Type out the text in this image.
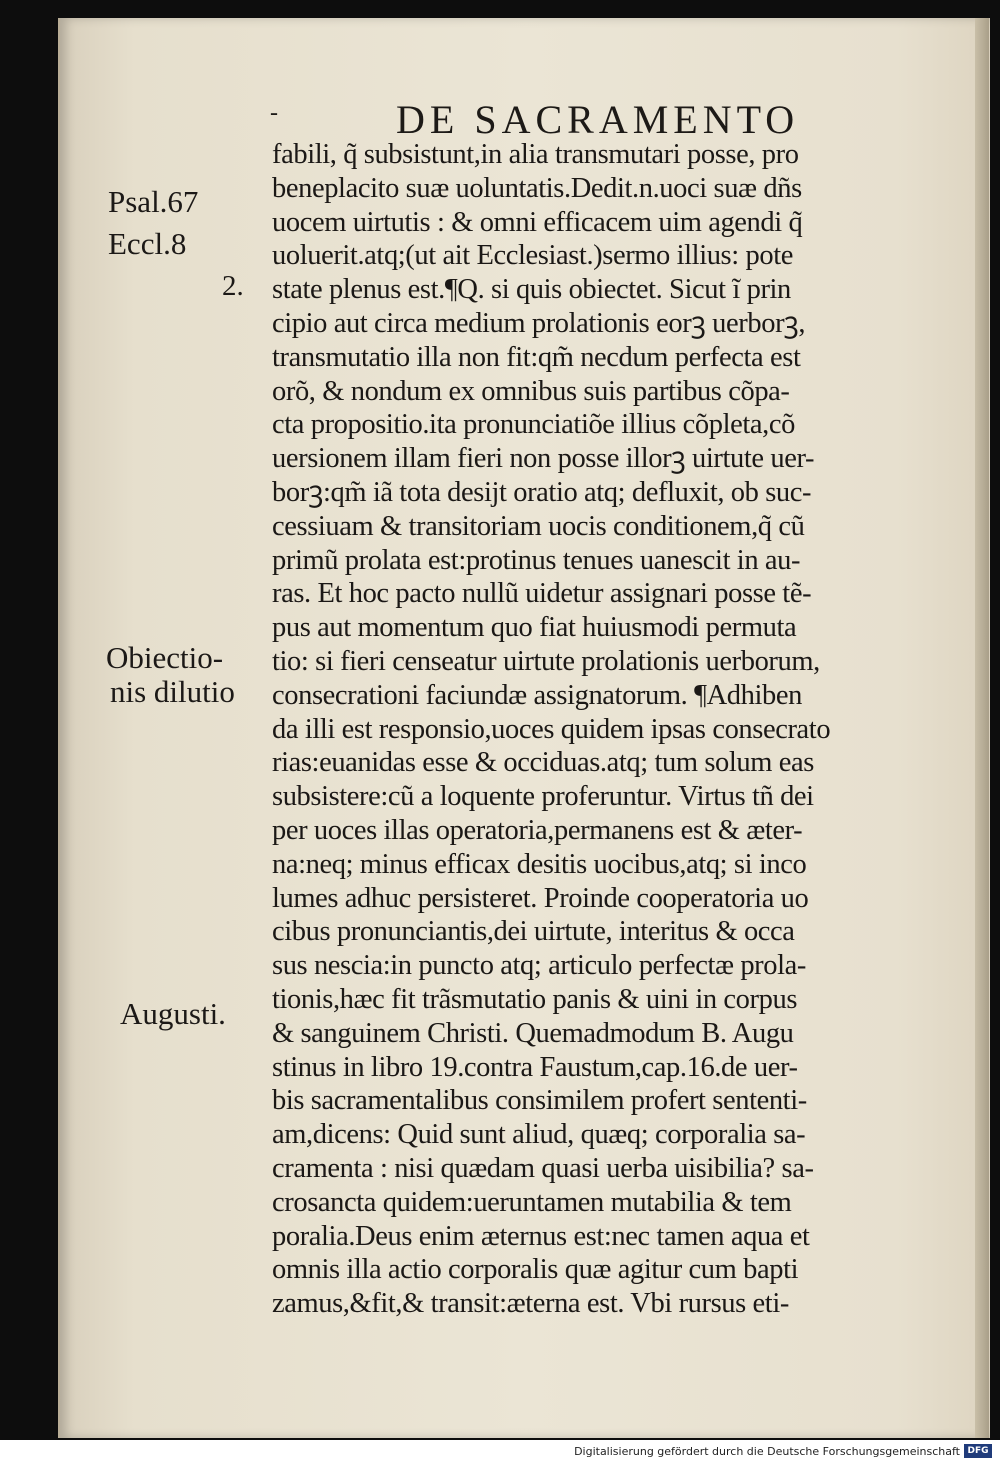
-	DE SACRAMENTO
Psal.67
Eccl.8
2.
Obiectio-
nis dilutio
Augusti.
fabili, q̃ subsistunt,in alia transmutari posse, pro
beneplacito suæ uoluntatis.Dedit.n.uoci suæ dñs
uocem uirtutis : & omni efficacem uim agendi q̃
uoluerit.atq;(ut ait Ecclesiast.)sermo illius: pote
state plenus est.¶Q. si quis obiectet. Sicut ĩ prin
cipio aut circa medium prolationis eorꝫ uerborꝫ,
transmutatio illa non fit:qm̃ necdum perfecta est
orõ, & nondum ex omnibus suis partibus cõpa-
cta propositio.ita pronunciatiõe illius cõpleta,cõ
uersionem illam fieri non posse illorꝫ uirtute uer-
borꝫ:qm̃ iã tota desijt oratio atq; defluxit, ob suc-
cessiuam & transitoriam uocis conditionem,q̃ cũ
primũ prolata est:protinus tenues uanescit in au-
ras. Et hoc pacto nullũ uidetur assignari posse tẽ-
pus aut momentum quo fiat huiusmodi permuta
tio: si fieri censeatur uirtute prolationis uerborum,
consecrationi faciundæ assignatorum. ¶Adhiben
da illi est responsio,uoces quidem ipsas consecrato
rias:euanidas esse & occiduas.atq; tum solum eas
subsistere:cũ a loquente proferuntur. Virtus tñ dei
per uoces illas operatoria,permanens est & æter-
na:neq; minus efficax desitis uocibus,atq; si inco
lumes adhuc persisteret. Proinde cooperatoria uo
cibus pronunciantis,dei uirtute, interitus & occa
sus nescia:in puncto atq; articulo perfectæ prola-
tionis,hæc fit trãsmutatio panis & uini in corpus
& sanguinem Christi. Quemadmodum B. Augu
stinus in libro 19.contra Faustum,cap.16.de uer-
bis sacramentalibus consimilem profert sententi-
am,dicens: Quid sunt aliud, quæq; corporalia sa-
cramenta : nisi quædam quasi uerba uisibilia? sa-
crosancta quidem:ueruntamen mutabilia & tem
poralia.Deus enim æternus est:nec tamen aqua et
omnis illa actio corporalis quæ agitur cum bapti
zamus,&fit,& transit:æterna est. Vbi rursus eti-
Digitalisierung gefördert durch die Deutsche Forschungsgemeinschaft DFG
